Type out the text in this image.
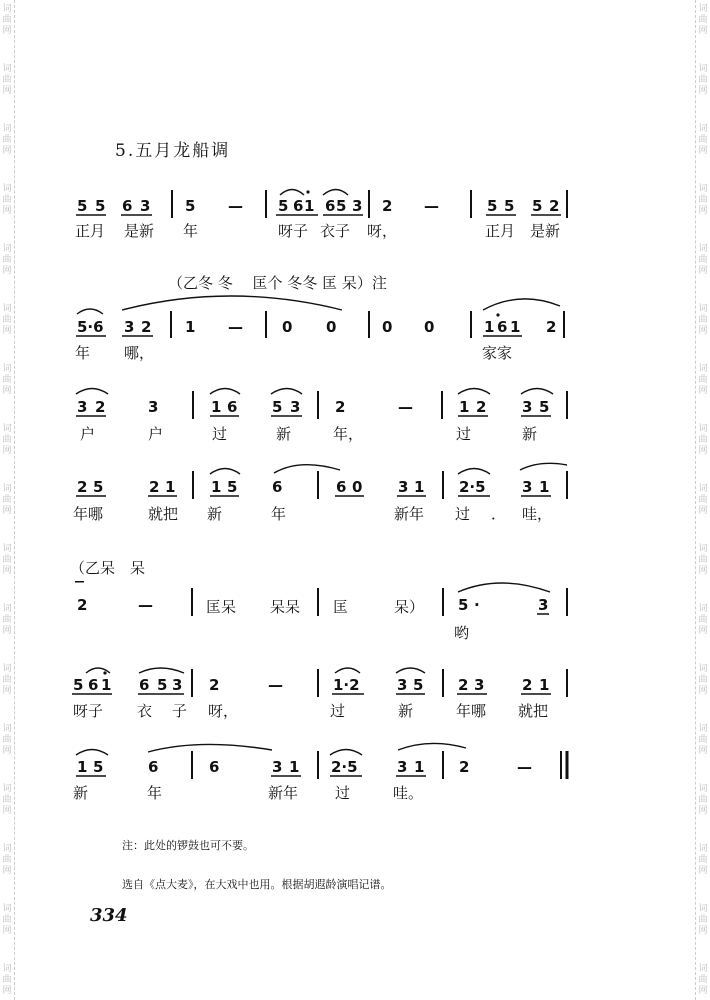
词
曲
网
词
曲
网
词
曲
网
词
曲
网
词
曲
网
词
曲
网
词
曲
网
词
曲
网
词
曲
网
词
曲
网
词
曲
网
词
曲
网
词
曲
网
词
曲
网
词
曲
网
词
曲
网
词
曲
网
词
曲
网
词
曲
网
词
曲
网
词
曲
网
词
曲
网
词
曲
网
词
曲
网
词
曲
网
词
曲
网
词
曲
网
词
曲
网
词
曲
网
词
曲
网
词
曲
网
词
曲
网
词
曲
网
词
曲
网
5.五月龙船调
5 5 6 3 5 — 5 6 1 6 5 3 2 —	5 5 5 2
正月 是新 年	呀子 衣子 呀，	正月 是新
（乙冬 冬　 匡个 冬冬 匡 呆）注
5·6 3 2 1 —	0 0	0 0	1 6 1 2
年 哪，	家家
3 2	3	1 6 5 3 2	—	1 2 3 5
户	户	过	新	年，	过	新
2 5	2 1 1 5 6	6 0 3 1 2·5 3 1
年哪	就把 新	年	新年 过 ． 哇，
（乙呆　呆
2	—	匡呆 呆呆 匡	呆） 5 ·	3
哟
5 6 1 6 5 3 2	—	1·2 3 5 2 3	2 1
呀子 衣 子 呀，	过	新	年哪 就把
1 5	6	6	3 1 2·5	3 1 2	—
新	年	新年 过	哇。
注：此处的锣鼓也可不要。
选自《点大麦》，在大戏中也用。根据胡遐龄演唱记谱。
334
